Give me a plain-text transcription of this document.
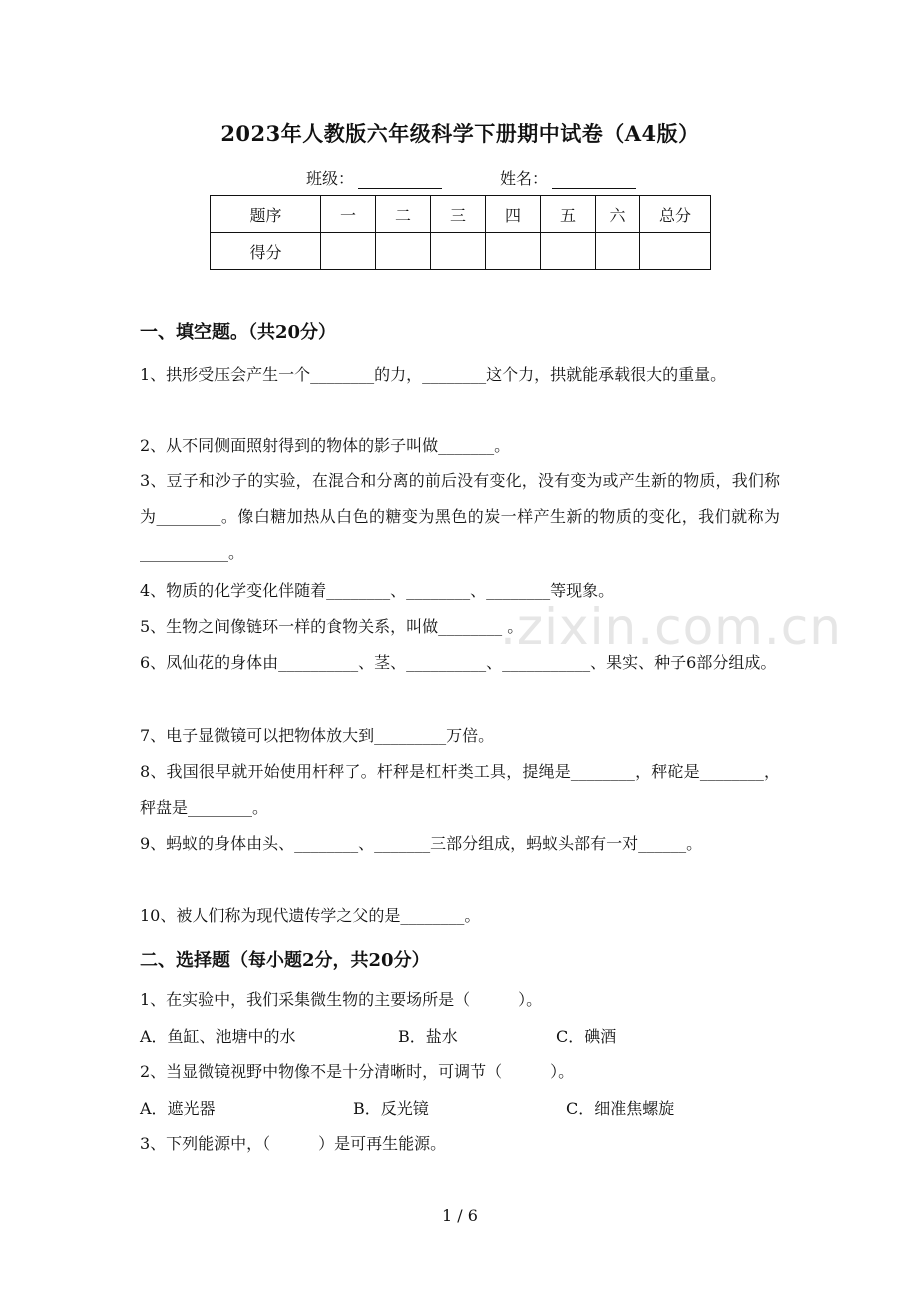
.zixin.com.cn
2023年人教版六年级科学下册期中试卷（A4版）
班级：	姓名：
题序	一	二	三	四	五	六	总分
得分							
一、填空题。（共20分）
1、拱形受压会产生一个________的力，________这个力，拱就能承载很大的重量。
2、从不同侧面照射得到的物体的影子叫做_______。
3、豆子和沙子的实验，在混合和分离的前后没有变化，没有变为或产生新的物质，我们称为________。像白糖加热从白色的糖变为黑色的炭一样产生新的物质的变化，我们就称为___________。
4、物质的化学变化伴随着________、________、________等现象。
5、生物之间像链环一样的食物关系，叫做________ 。
6、凤仙花的身体由__________、茎、__________、___________、果实、种子6部分组成。
7、电子显微镜可以把物体放大到_________万倍。
8、我国很早就开始使用杆秤了。杆秤是杠杆类工具，提绳是________，秤砣是________，秤盘是________。
9、蚂蚁的身体由头、________、_______三部分组成，蚂蚁头部有一对______。
10、被人们称为现代遗传学之父的是________。
二、选择题（每小题2分，共20分）
1、在实验中，我们采集微生物的主要场所是（　　　）。
A．鱼缸、池塘中的水	B．盐水	C．碘酒
2、当显微镜视野中物像不是十分清晰时，可调节（　　　）。
A．遮光器	B．反光镜	C．细准焦螺旋
3、下列能源中，（　　　）是可再生能源。
1 / 6
